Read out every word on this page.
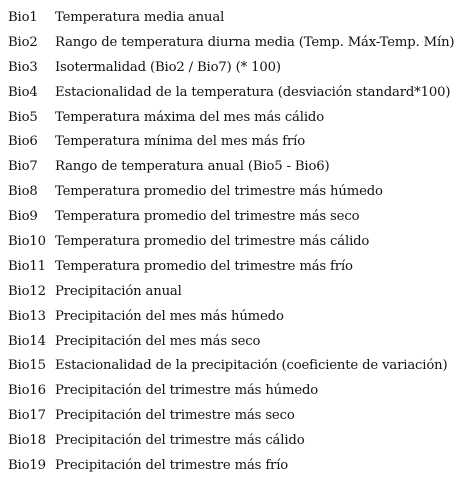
Bio1	Temperatura media anual
Bio2	Rango de temperatura diurna media (Temp. Máx-Temp. Mín)
Bio3	Isotermalidad (Bio2 / Bio7) (* 100)
Bio4	Estacionalidad de la temperatura (desviación standard*100)
Bio5	Temperatura máxima del mes más cálido
Bio6	Temperatura mínima del mes más frío
Bio7	Rango de temperatura anual (Bio5 - Bio6)
Bio8	Temperatura promedio del trimestre más húmedo
Bio9	Temperatura promedio del trimestre más seco
Bio10 Temperatura promedio del trimestre más cálido
Bio11 Temperatura promedio del trimestre más frío
Bio12 Precipitación anual
Bio13 Precipitación del mes más húmedo
Bio14 Precipitación del mes más seco
Bio15 Estacionalidad de la precipitación (coeficiente de variación)
Bio16 Precipitación del trimestre más húmedo
Bio17 Precipitación del trimestre más seco
Bio18 Precipitación del trimestre más cálido
Bio19 Precipitación del trimestre más frío
